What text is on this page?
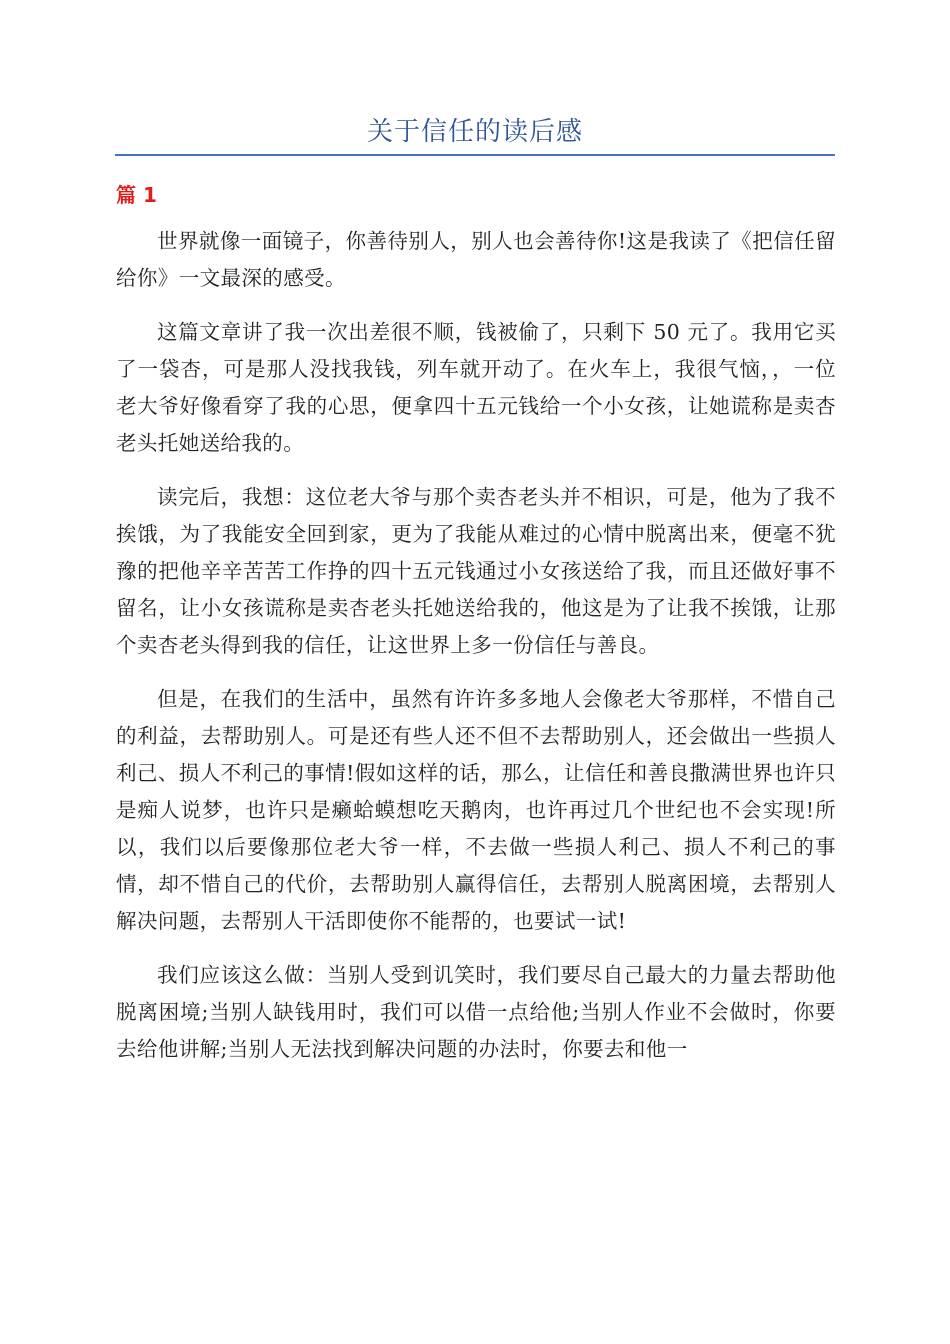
关于信任的读后感
篇 1

世界就像一面镜子，你善待别人，别人也会善待你!这是我读了《把信任留给你》一文最深的感受。

这篇文章讲了我一次出差很不顺，钱被偷了，只剩下 50 元了。我用它买了一袋杏，可是那人没找我钱，列车就开动了。在火车上，我很气恼，，一位老大爷好像看穿了我的心思，便拿四十五元钱给一个小女孩，让她谎称是卖杏老头托她送给我的。

读完后，我想：这位老大爷与那个卖杏老头并不相识，可是，他为了我不挨饿，为了我能安全回到家，更为了我能从难过的心情中脱离出来，便毫不犹豫的把他辛辛苦苦工作挣的四十五元钱通过小女孩送给了我，而且还做好事不留名，让小女孩谎称是卖杏老头托她送给我的，他这是为了让我不挨饿，让那个卖杏老头得到我的信任，让这世界上多一份信任与善良。

但是，在我们的生活中，虽然有许许多多地人会像老大爷那样，不惜自己的利益，去帮助别人。可是还有些人还不但不去帮助别人，还会做出一些损人利己、损人不利己的事情!假如这样的话，那么，让信任和善良撒满世界也许只是痴人说梦，也许只是癞蛤蟆想吃天鹅肉，也许再过几个世纪也不会实现!所以，我们以后要像那位老大爷一样，不去做一些损人利己、损人不利己的事情，却不惜自己的代价，去帮助别人赢得信任，去帮别人脱离困境，去帮别人解决问题，去帮别人干活即使你不能帮的，也要试一试!

我们应该这么做：当别人受到讥笑时，我们要尽自己最大的力量去帮助他脱离困境;当别人缺钱用时，我们可以借一点给他;当别人作业不会做时，你要去给他讲解;当别人无法找到解决问题的办法时，你要去和他一
